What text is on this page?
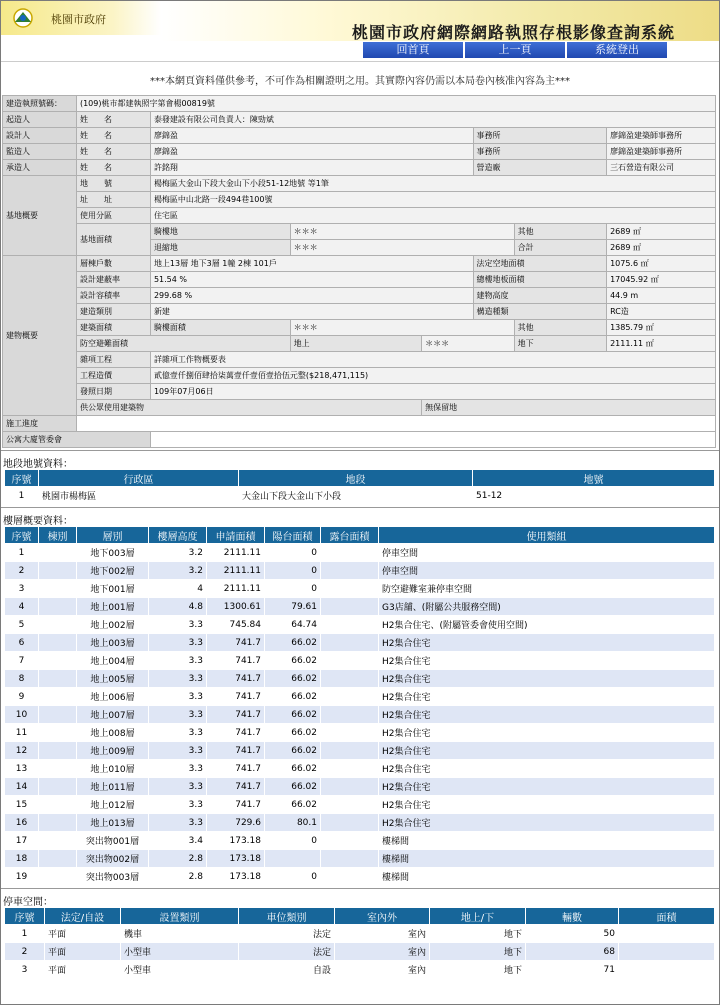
桃園市政府
桃園市政府網際網路執照存根影像查詢系統
回首頁	上一頁	系統登出
***本網頁資料僅供參考，不可作為相關證明之用。其實際內容仍需以本局卷內核准內容為主***
建造執照號碼：	(109)桃市都建執照字第會楊00819號						
起造人	姓　　名	泰發建設有限公司負責人：陳勁斌					
設計人	姓　　名	廖錦盈			事務所		廖錦盈建築師事務所
監造人	姓　　名	廖錦盈			事務所		廖錦盈建築師事務所
承造人	姓　　名	許銘翔			營造廠		三石營造有限公司
基地概要	地　　號	楊梅區大金山下段大金山下小段51-12地號 等1筆					
	址　　址	楊梅區中山北路一段494巷100號					
	使用分區	住宅區					
	基地面積	騎樓地	＊＊＊			其他	2689 ㎡
		退縮地	＊＊＊			合計	2689 ㎡
建物概要	層棟戶數	地上13層 地下3層 1幢 2棟 101戶			法定空地面積		1075.6 ㎡
	設計建蔽率	51.54 %			總樓地板面積		17045.92 ㎡
	設計容積率	299.68 %			建物高度		44.9 m
	建造類別	新建			構造種類		RC造
	建築面積	騎樓面積	＊＊＊			其他	1385.79 ㎡
	防空避難面積		地上	＊＊＊		地下	2111.11 ㎡
	雜項工程	詳雜項工作物概要表					
	工程造價	貳億壹仟捌佰肆拾柒萬壹仟壹佰壹拾伍元整($218,471,115)					
	發照日期	109年07月06日					
	供公眾使用建築物			無保留地			
施工進度							
公寓大廈管委會							
地段地號資料：
序號	行政區	地段	地號
1	桃園市楊梅區	大金山下段大金山下小段	51-12
樓層概要資料：
序號	棟別	層別	樓層高度	申請面積	陽台面積	露台面積	使用類組
1		地下003層	3.2	2111.11	0		停車空間
2		地下002層	3.2	2111.11	0		停車空間
3		地下001層	4	2111.11	0		防空避難室兼停車空間
4		地上001層	4.8	1300.61	79.61		G3店舖、(附屬公共服務空間)
5		地上002層	3.3	745.84	64.74		H2集合住宅、(附屬管委會使用空間)
6		地上003層	3.3	741.7	66.02		H2集合住宅
7		地上004層	3.3	741.7	66.02		H2集合住宅
8		地上005層	3.3	741.7	66.02		H2集合住宅
9		地上006層	3.3	741.7	66.02		H2集合住宅
10		地上007層	3.3	741.7	66.02		H2集合住宅
11		地上008層	3.3	741.7	66.02		H2集合住宅
12		地上009層	3.3	741.7	66.02		H2集合住宅
13		地上010層	3.3	741.7	66.02		H2集合住宅
14		地上011層	3.3	741.7	66.02		H2集合住宅
15		地上012層	3.3	741.7	66.02		H2集合住宅
16		地上013層	3.3	729.6	80.1		H2集合住宅
17		突出物001層	3.4	173.18	0		樓梯間
18		突出物002層	2.8	173.18			樓梯間
19		突出物003層	2.8	173.18	0		樓梯間
停車空間：
序號	法定/自設	設置類別	車位類別	室內外	地上/下	輛數	面積
1	平面	機車	法定	室內	地下	50	
2	平面	小型車	法定	室內	地下	68	
3	平面	小型車	自設	室內	地下	71	
